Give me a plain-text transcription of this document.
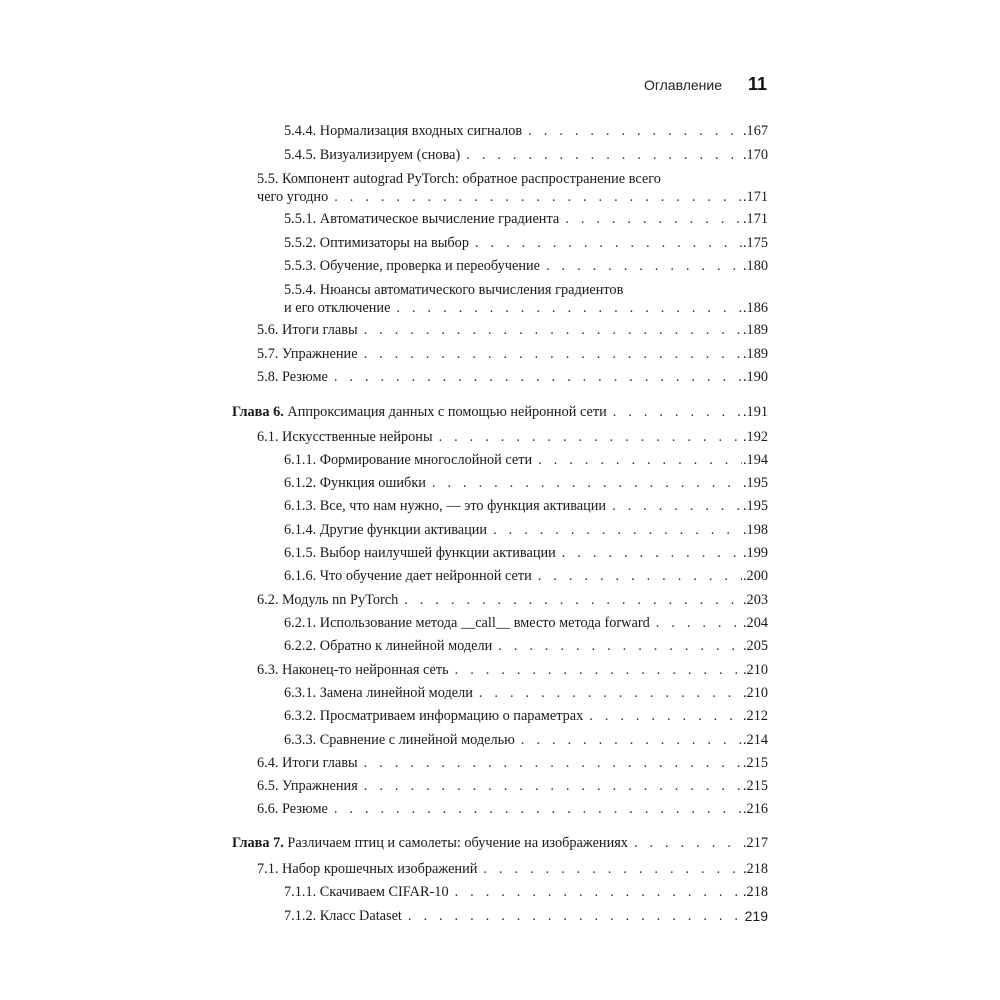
Оглавление 11
5.4.4. Нормализация входных сигналов . . .	.167
5.4.5. Визуализируем (снова) . . .	.170
5.5. Компонент autograd PyTorch: обратное распространение всего
чего угодно . . .	.171
5.5.1. Автоматическое вычисление градиента . . .	.171
5.5.2. Оптимизаторы на выбор . . .	.175
5.5.3. Обучение, проверка и переобучение . . .	.180
5.5.4. Нюансы автоматического вычисления градиентов
и его отключение . . .	.186
5.6. Итоги главы . . .	.189
5.7. Упражнение . . .	.189
5.8. Резюме . . .	.190
Глава 6. Аппроксимация данных с помощью нейронной сети . . .	.191
6.1. Искусственные нейроны . . .	.192
6.1.1. Формирование многослойной сети . . .	.194
6.1.2. Функция ошибки . . .	.195
6.1.3. Все, что нам нужно, — это функция активации . . .	.195
6.1.4. Другие функции активации . . .	.198
6.1.5. Выбор наилучшей функции активации . . .	.199
6.1.6. Что обучение дает нейронной сети . . .	.200
6.2. Модуль nn PyTorch . . .	.203
6.2.1. Использование метода __call__ вместо метода forward . . .	.204
6.2.2. Обратно к линейной модели . . .	.205
6.3. Наконец-то нейронная сеть . . .	.210
6.3.1. Замена линейной модели . . .	.210
6.3.2. Просматриваем информацию о параметрах . . .	.212
6.3.3. Сравнение с линейной моделью . . .	.214
6.4. Итоги главы . . .	.215
6.5. Упражнения . . .	.215
6.6. Резюме . . .	.216
Глава 7. Различаем птиц и самолеты: обучение на изображениях . . .	.217
7.1. Набор крошечных изображений . . .	.218
7.1.1. Скачиваем CIFAR-10 . . .	.218
7.1.2. Класс Dataset . . .	219
